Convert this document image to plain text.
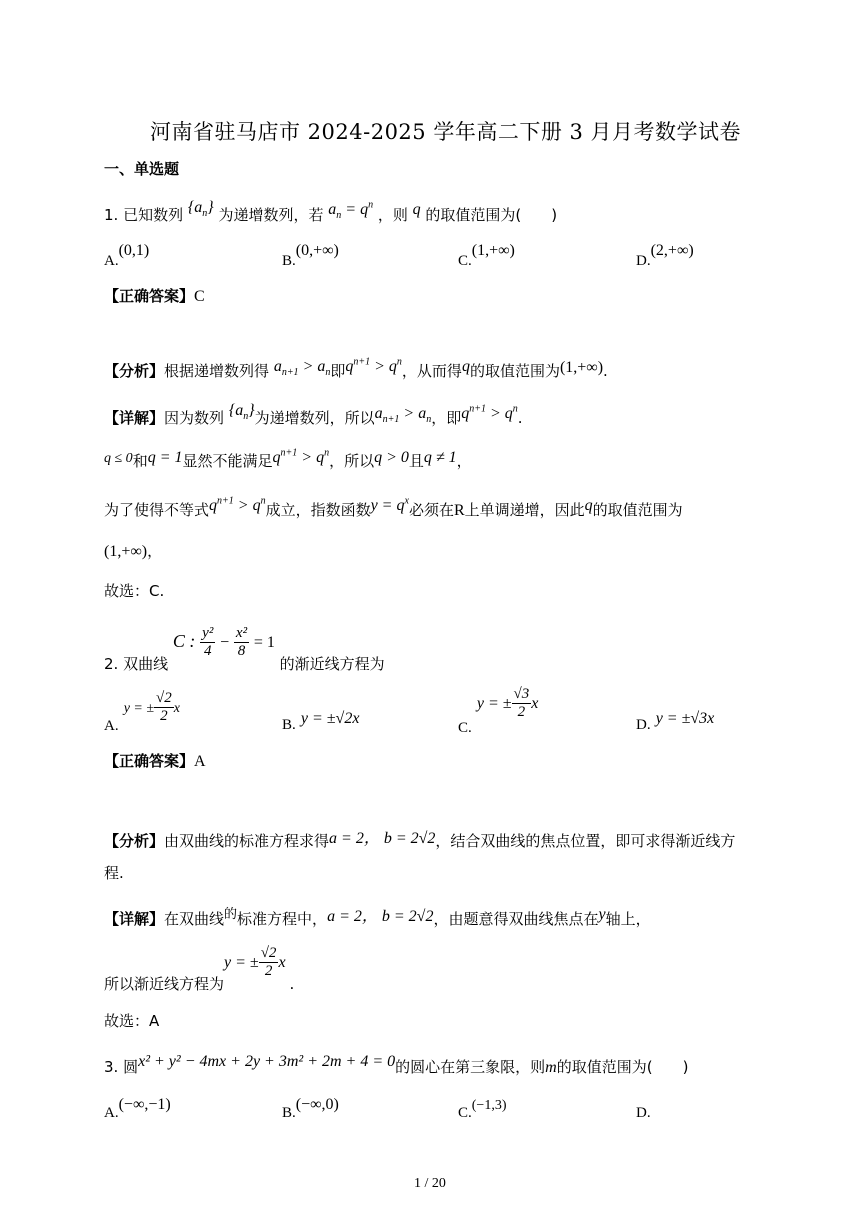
河南省驻马店市 2024-2025 学年高二下册 3 月月考数学试卷
一、单选题
1. 已知数列 $\{a_n\}$ 为递增数列，若 $a_n = q^n$ ，则 q 的取值范围为(　　)
A.(0,1)
B.(0,+∞)
C.(1,+∞)
D.(2,+∞)
【正确答案】C
【分析】根据递增数列得 $a_{n+1} > a_n$即$q^{n+1} > q^n$，从而得q的取值范围为(1,+∞).
【详解】因为数列 $\{a_n\}$为递增数列，所以$a_{n+1} > a_n$，即$q^{n+1} > q^n$.
q ≤ 0和q = 1显然不能满足$q^{n+1} > q^n$，所以q > 0且q ≠ 1，
为了使得不等式$q^{n+1} > q^n$成立，指数函数$y = q^x$必须在R上单调递增，因此q的取值范围为
(1,+∞)，
故选：C.
2. 双曲线 C : $\frac{\text{y²}}{4} - \frac{\text{x²}}{8} = 1$ 的渐近线方程为
A. y = ± $\frac{√2}{2}$ x
B. y = ±√2x
C. y = ± $\frac{√3}{2}$ x
D. y = ±√3x
【正确答案】A
【分析】由双曲线的标准方程求得a = 2， b = 2√2，结合双曲线的焦点位置，即可求得渐近线方
程.
【详解】在双曲线的标准方程中，a = 2， b = 2√2，由题意得双曲线焦点在y轴上，
所以渐近线方程为y = ± $\frac{√2}{2} x$.
故选：A
3. 圆x² + y² − 4mx + 2y + 3m² + 2m + 4 = 0的圆心在第三象限，则m的取值范围为(　　)
A.(−∞,−1)	B.(−∞,0)	C.(−1,3)	D.
1 / 20
